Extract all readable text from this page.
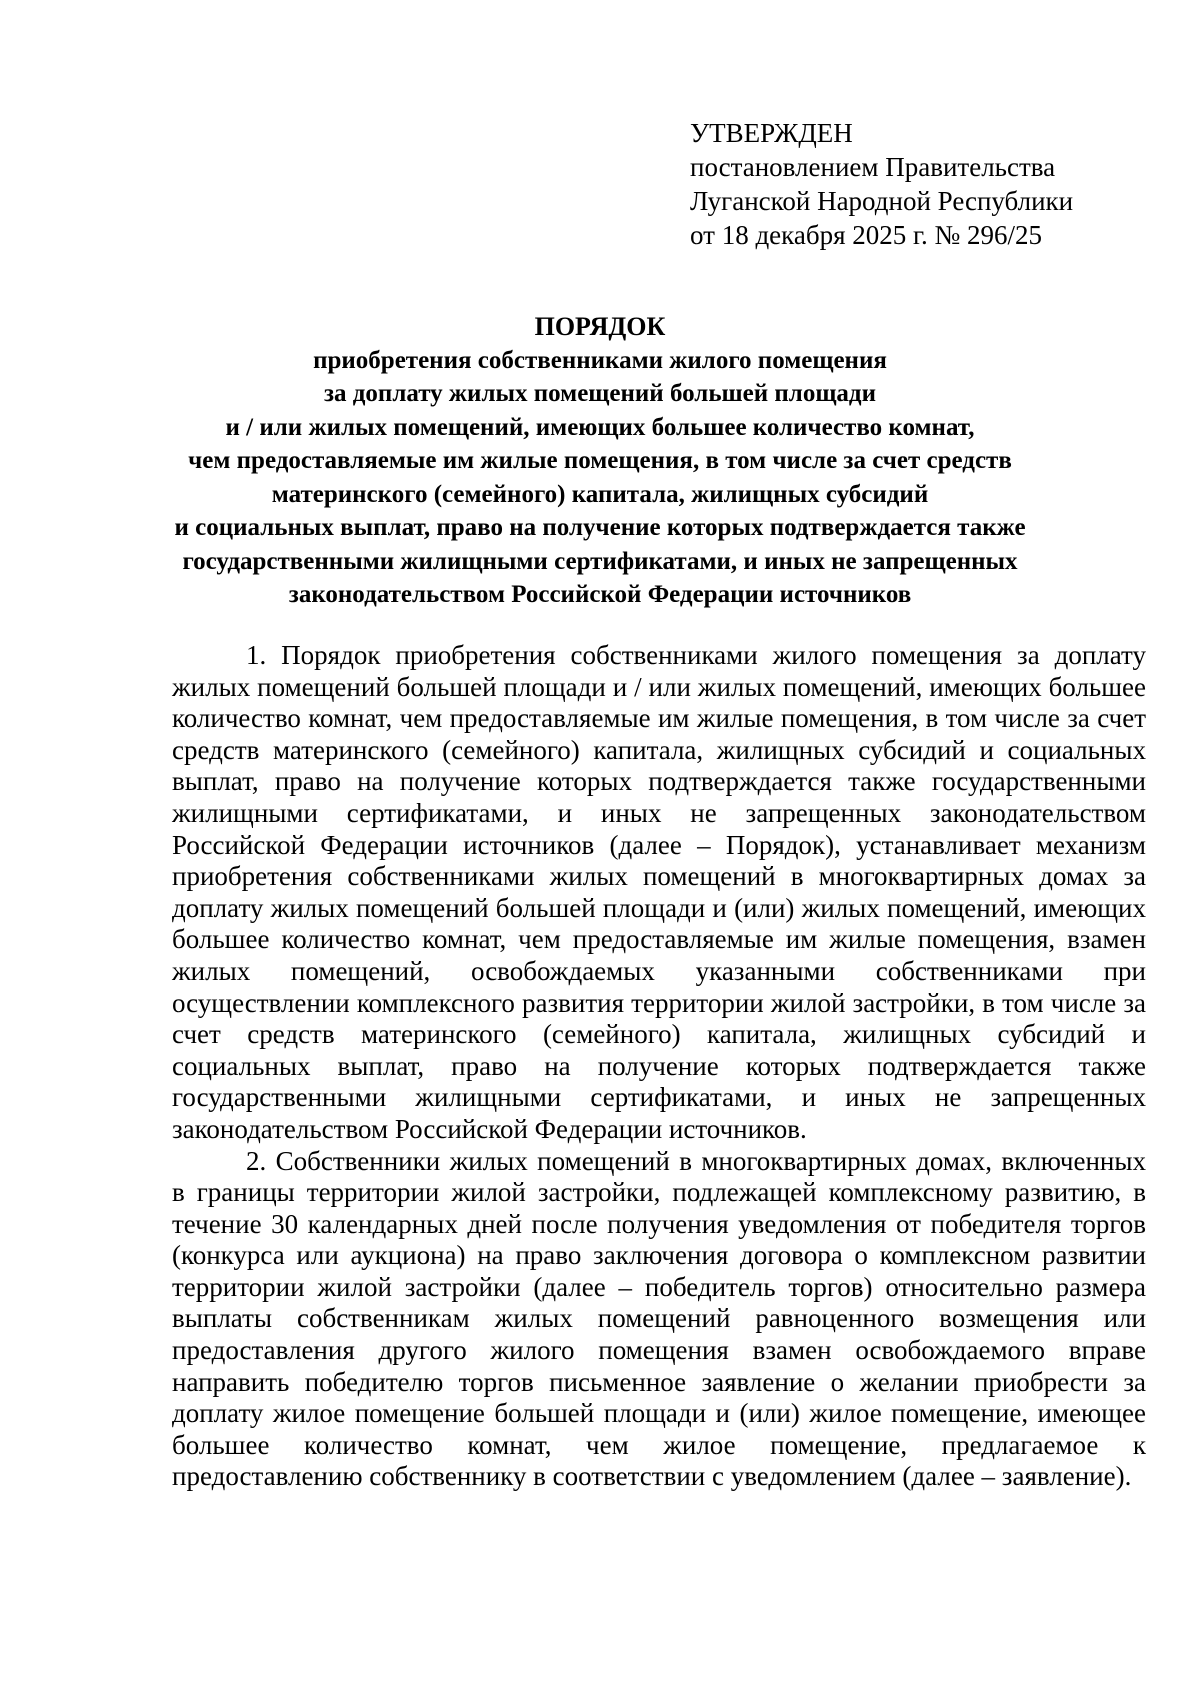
УТВЕРЖДЕН
постановлением Правительства
Луганской Народной Республики
от 18 декабря 2025 г. № 296/25
ПОРЯДОК
приобретения собственниками жилого помещения
за доплату жилых помещений большей площади
и / или жилых помещений, имеющих большее количество комнат,
чем предоставляемые им жилые помещения, в том числе за счет средств
материнского (семейного) капитала, жилищных субсидий
и социальных выплат, право на получение которых подтверждается также
государственными жилищными сертификатами, и иных не запрещенных
законодательством Российской Федерации источников

1. Порядок приобретения собственниками жилого помещения за доплату жилых помещений большей площади и / или жилых помещений, имеющих большее количество комнат, чем предоставляемые им жилые помещения, в том числе за счет средств материнского (семейного) капитала, жилищных субсидий и социальных выплат, право на получение которых подтверждается также государственными жилищными сертификатами, и иных не запрещенных законодательством Российской Федерации источников (далее – Порядок), устанавливает механизм приобретения собственниками жилых помещений в многоквартирных домах за доплату жилых помещений большей площади и (или) жилых помещений, имеющих большее количество комнат, чем предоставляемые им жилые помещения, взамен жилых помещений, освобождаемых указанными собственниками при осуществлении комплексного развития территории жилой застройки, в том числе за счет средств материнского (семейного) капитала, жилищных субсидий и социальных выплат, право на получение которых подтверждается также государственными жилищными сертификатами, и иных не запрещенных законодательством Российской Федерации источников.

2. Собственники жилых помещений в многоквартирных домах, включенных в границы территории жилой застройки, подлежащей комплексному развитию, в течение 30 календарных дней после получения уведомления от победителя торгов (конкурса или аукциона) на право заключения договора о комплексном развитии территории жилой застройки (далее – победитель торгов) относительно размера выплаты собственникам жилых помещений равноценного возмещения или предоставления другого жилого помещения взамен освобождаемого вправе направить победителю торгов письменное заявление о желании приобрести за доплату жилое помещение большей площади и (или) жилое помещение, имеющее большее количество комнат, чем жилое помещение, предлагаемое к предоставлению собственнику в соответствии с уведомлением (далее – заявление).
